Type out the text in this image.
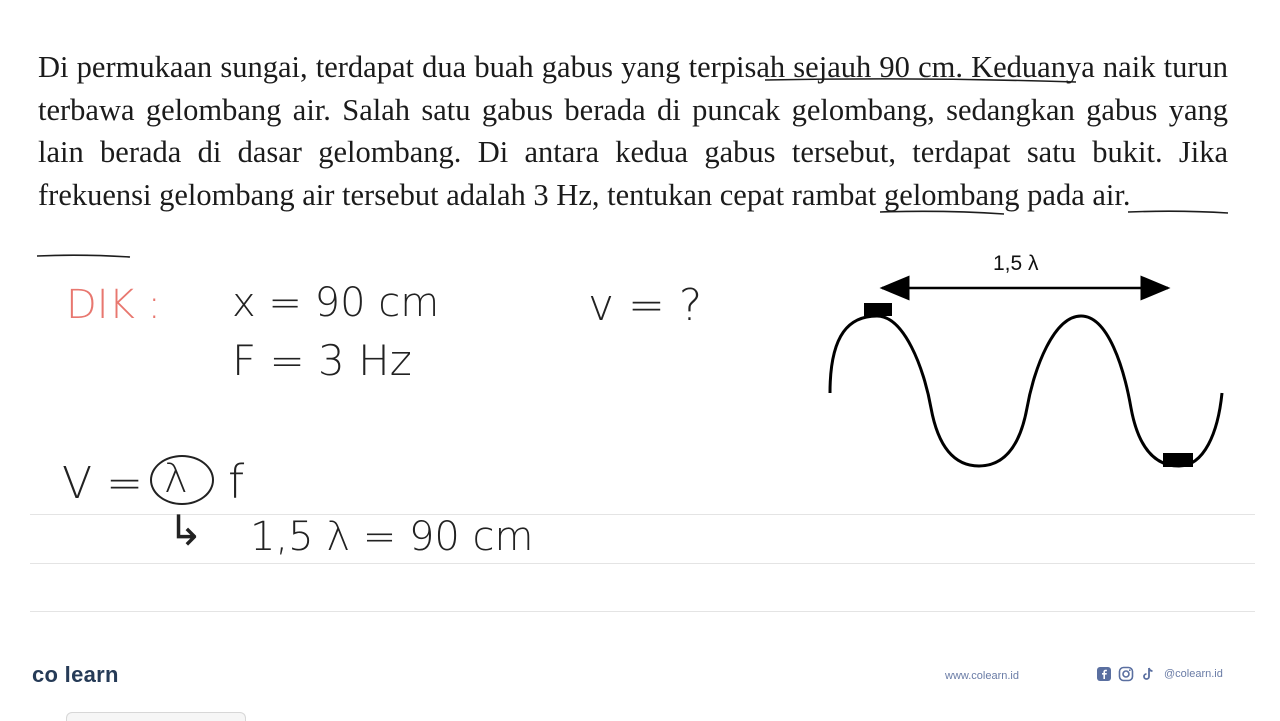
Di permukaan sungai, terdapat dua buah gabus yang terpisah sejauh 90 cm. Keduanya naik turun terbawa gelombang air. Salah satu gabus berada di puncak gelombang, sedangkan gabus yang lain berada di dasar gelombang. Di antara kedua gabus tersebut, terdapat satu bukit. Jika frekuensi gelombang air tersebut adalah 3 Hz, tentukan cepat rambat gelombang pada air.

1,5 λ
DIK : x = 90 cm
F = 3 Hz
v = ?
V = λ f
↳ 1,5 λ = 90 cm
co learn	www.colearn.id	@colearn.id
